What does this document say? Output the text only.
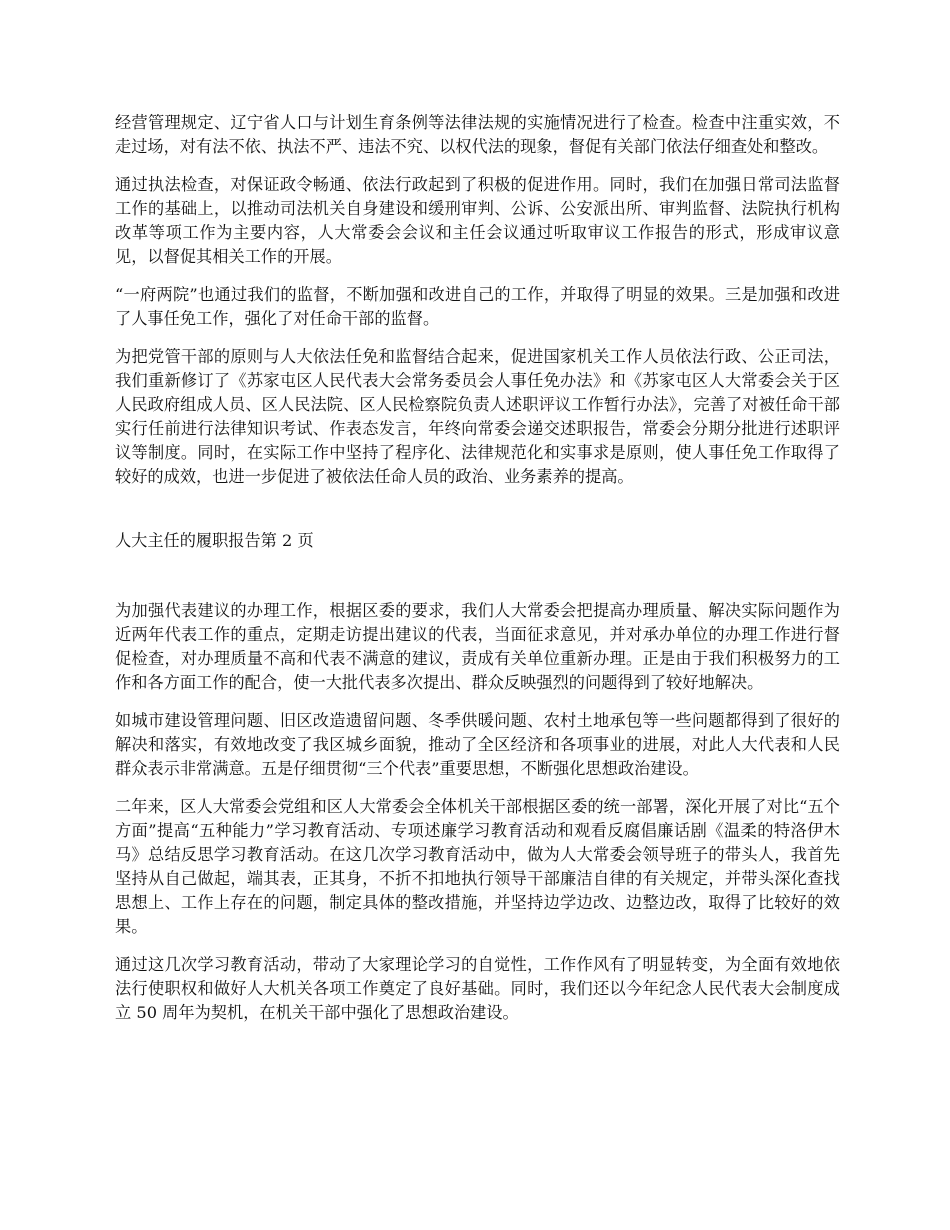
经营管理规定、辽宁省人口与计划生育条例等法律法规的实施情况进行了检查。检查中注重实效，不走过场，对有法不依、执法不严、违法不究、以权代法的现象，督促有关部门依法仔细查处和整改。

通过执法检查，对保证政令畅通、依法行政起到了积极的促进作用。同时，我们在加强日常司法监督工作的基础上，以推动司法机关自身建设和缓刑审判、公诉、公安派出所、审判监督、法院执行机构改革等项工作为主要内容，人大常委会会议和主任会议通过听取审议工作报告的形式，形成审议意见，以督促其相关工作的开展。

“一府两院”也通过我们的监督，不断加强和改进自己的工作，并取得了明显的效果。三是加强和改进了人事任免工作，强化了对任命干部的监督。

为把党管干部的原则与人大依法任免和监督结合起来，促进国家机关工作人员依法行政、公正司法，我们重新修订了《苏家屯区人民代表大会常务委员会人事任免办法》和《苏家屯区人大常委会关于区人民政府组成人员、区人民法院、区人民检察院负责人述职评议工作暂行办法》，完善了对被任命干部实行任前进行法律知识考试、作表态发言，年终向常委会递交述职报告，常委会分期分批进行述职评议等制度。同时，在实际工作中坚持了程序化、法律规范化和实事求是原则，使人事任免工作取得了较好的成效，也进一步促进了被依法任命人员的政治、业务素养的提高。

人大主任的履职报告第 2 页

为加强代表建议的办理工作，根据区委的要求，我们人大常委会把提高办理质量、解决实际问题作为近两年代表工作的重点，定期走访提出建议的代表，当面征求意见，并对承办单位的办理工作进行督促检查，对办理质量不高和代表不满意的建议，责成有关单位重新办理。正是由于我们积极努力的工作和各方面工作的配合，使一大批代表多次提出、群众反映强烈的问题得到了较好地解决。

如城市建设管理问题、旧区改造遗留问题、冬季供暖问题、农村土地承包等一些问题都得到了很好的解决和落实，有效地改变了我区城乡面貌，推动了全区经济和各项事业的进展，对此人大代表和人民群众表示非常满意。五是仔细贯彻“三个代表”重要思想，不断强化思想政治建设。

二年来，区人大常委会党组和区人大常委会全体机关干部根据区委的统一部署，深化开展了对比“五个方面”提高“五种能力”学习教育活动、专项述廉学习教育活动和观看反腐倡廉话剧《温柔的特洛伊木马》总结反思学习教育活动。在这几次学习教育活动中，做为人大常委会领导班子的带头人，我首先坚持从自己做起，端其表，正其身，不折不扣地执行领导干部廉洁自律的有关规定，并带头深化查找思想上、工作上存在的问题，制定具体的整改措施，并坚持边学边改、边整边改，取得了比较好的效果。

通过这几次学习教育活动，带动了大家理论学习的自觉性，工作作风有了明显转变，为全面有效地依法行使职权和做好人大机关各项工作奠定了良好基础。同时，我们还以今年纪念人民代表大会制度成立 50 周年为契机，在机关干部中强化了思想政治建设。
